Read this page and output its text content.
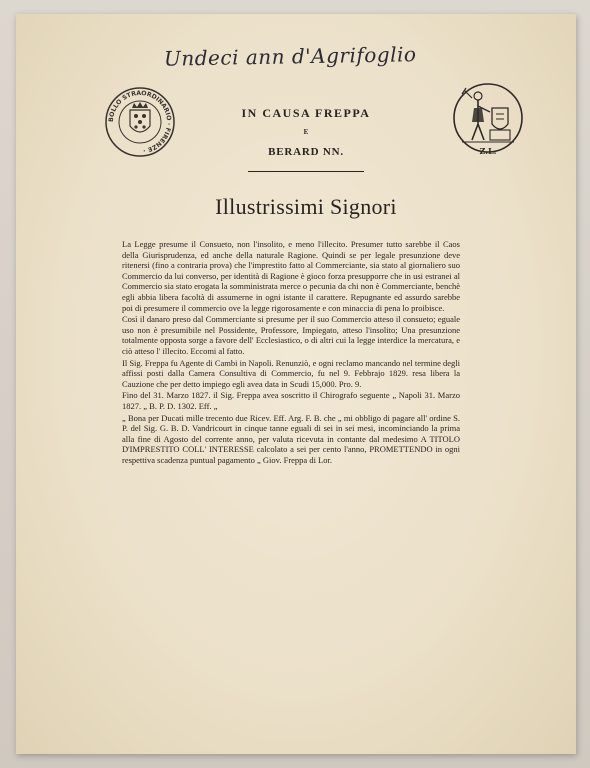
Undeci ann d'Agrifoglio
BOLLO STRAORDINARIO · FIRENZE ·
IN CAUSA FREPPA
E
BERARD NN.	Z.L.
Illustrissimi Signori

La Legge presume il Consueto, non l'insolito, e meno l'illecito. Presumer tutto sarebbe il Caos della Giurisprudenza, ed anche della naturale Ragione. Quindi se per legale presunzione deve ritenersi (fino a contraria prova) che l'imprestito fatto al Commerciante, sia stato al giornaliero suo Commercio da lui converso, per identità di Ragione è gioco forza presupporre che in usi estranei al Commercio sia stato erogata la somministrata merce o pecunia da chi non è Commerciante, benchè egli abbia libera facoltà di assumerne in ogni istante il carattere. Repugnante ed assurdo sarebbe poi di presumere il commercio ove la legge rigorosamente e con minaccia di pena lo proibisce.

Così il danaro preso dal Commerciante si presume per il suo Commercio atteso il consueto; eguale uso non è presumibile nel Possidente, Professore, Impiegato, atteso l'insolito; Una presunzione totalmente opposta sorge a favore dell' Ecclesiastico, o di altri cui la legge interdice la mercatura, e ciò atteso l' illecito. Eccomi al fatto.

Il Sig. Freppa fu Agente di Cambi in Napoli. Renunziò, e ogni reclamo mancando nel termine degli affissi posti dalla Camera Consultiva di Commercio, fu nel 9. Febbrajo 1829. resa libera la Cauzione che per detto impiego egli avea data in Scudi 15,000. Pro. 9.

Fino del 31. Marzo 1827. il Sig. Freppa avea soscritto il Chirografo seguente „ Napoli 31. Marzo 1827. „ B. P. D. 1302. Eff. „

„ Bona per Ducati mille trecento due Ricev. Eff. Arg. F. B. che „ mi obbligo di pagare all' ordine S. P. del Sig. G. B. D. Vandricourt in cinque tanne eguali di sei in sei mesi, incominciando la prima alla fine di Agosto del corrente anno, per valuta ricevuta in contante dal medesimo A TITOLO D'IMPRESTITO COLL' INTERESSE calcolato a sei per cento l'anno, PROMETTENDO in ogni respettiva scadenza puntual pagamento „ Giov. Freppa di Lor.
